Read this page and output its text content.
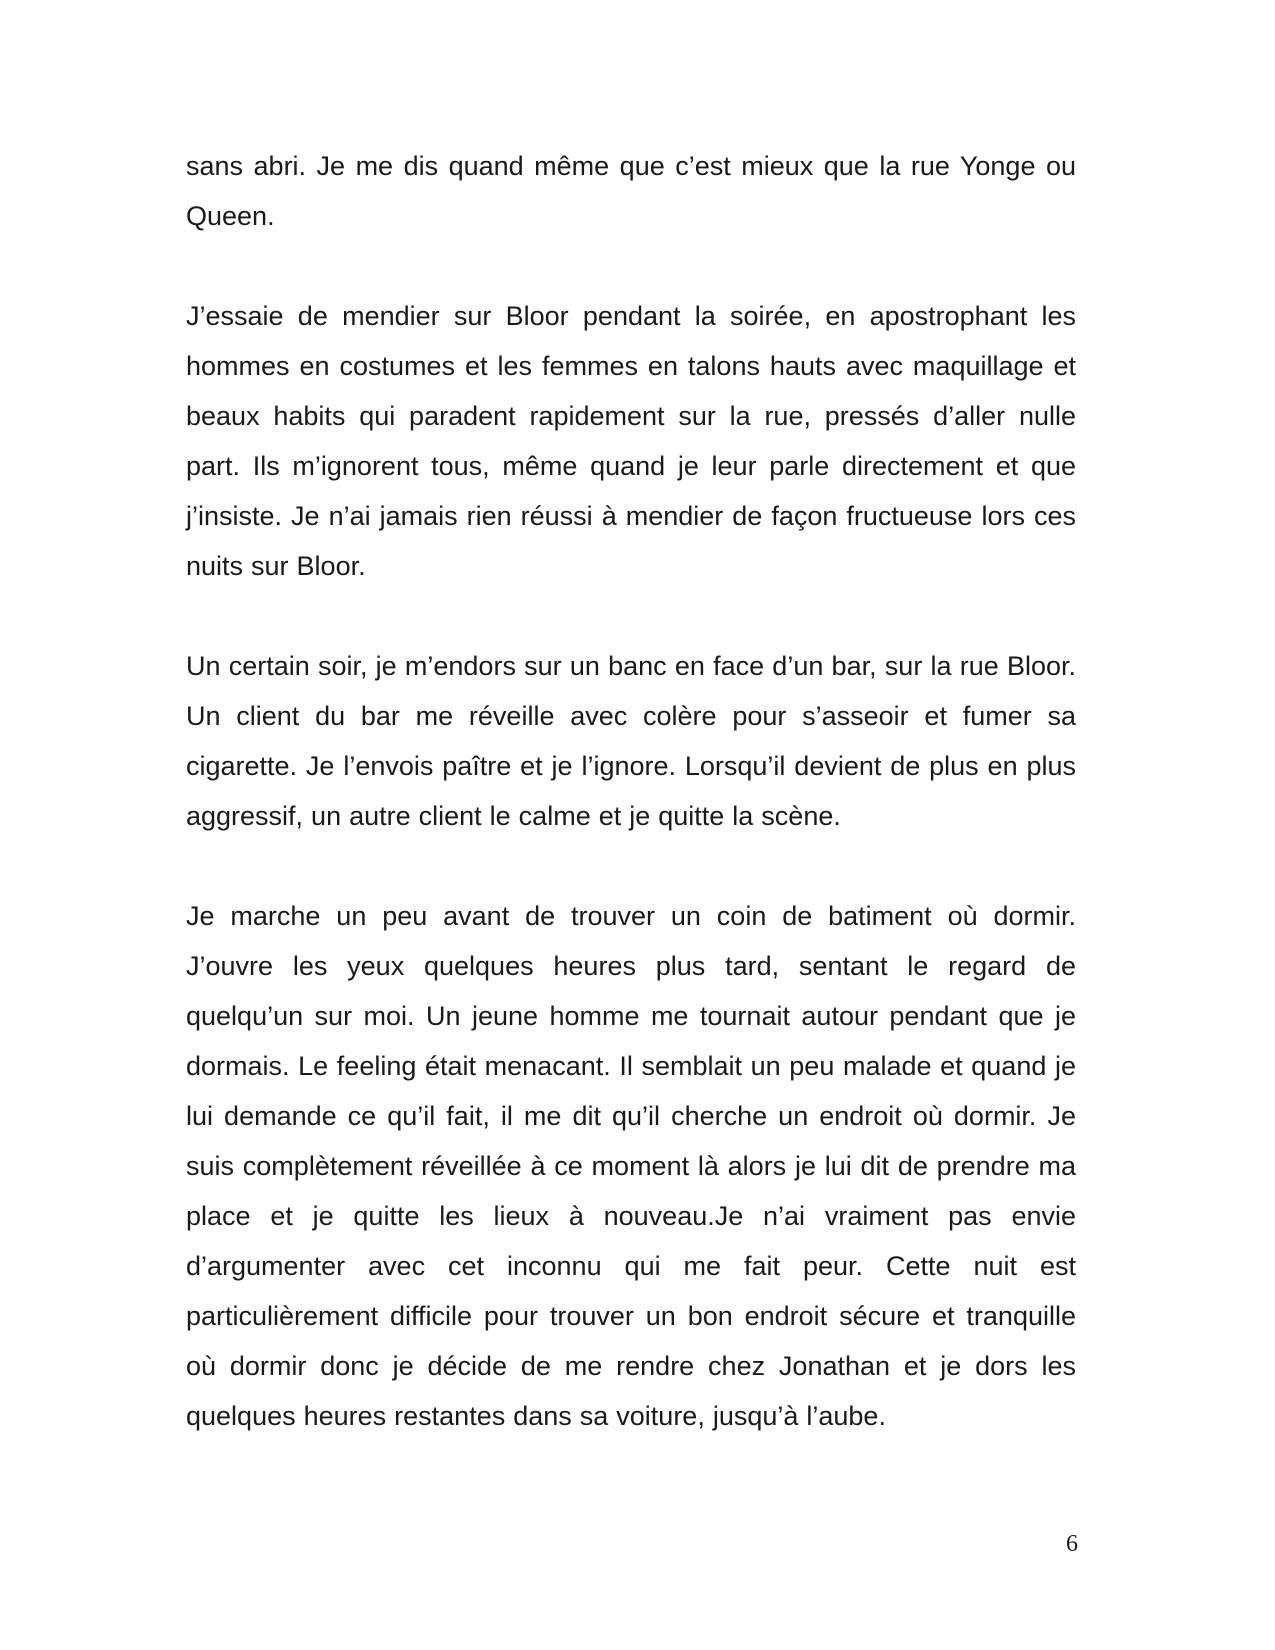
sans abri. Je me dis quand même que c’est mieux que la rue Yonge ou Queen.

J’essaie de mendier sur Bloor pendant la soirée, en apostrophant les hommes en costumes et les femmes en talons hauts avec maquillage et beaux habits qui paradent rapidement sur la rue, pressés d’aller nulle part. Ils m’ignorent tous, même quand je leur parle directement et que j’insiste. Je n’ai jamais rien réussi à mendier de façon fructueuse lors ces nuits sur Bloor.

Un certain soir, je m’endors sur un banc en face d’un bar, sur la rue Bloor. Un client du bar me réveille avec colère pour s’asseoir et fumer sa cigarette. Je l’envois paître et je l’ignore. Lorsqu’il devient de plus en plus aggressif, un autre client le calme et je quitte la scène.

Je marche un peu avant de trouver un coin de batiment où dormir. J’ouvre les yeux quelques heures plus tard, sentant le regard de quelqu’un sur moi. Un jeune homme me tournait autour pendant que je dormais. Le feeling était menacant. Il semblait un peu malade et quand je lui demande ce qu’il fait, il me dit qu’il cherche un endroit où dormir. Je suis complètement réveillée à ce moment là alors je lui dit de prendre ma place et je quitte les lieux à nouveau.Je n’ai vraiment pas envie d’argumenter avec cet inconnu qui me fait peur. Cette nuit est particulièrement difficile pour trouver un bon endroit sécure et tranquille où dormir donc je décide de me rendre chez Jonathan et je dors les quelques heures restantes dans sa voiture, jusqu’à l’aube.

6
